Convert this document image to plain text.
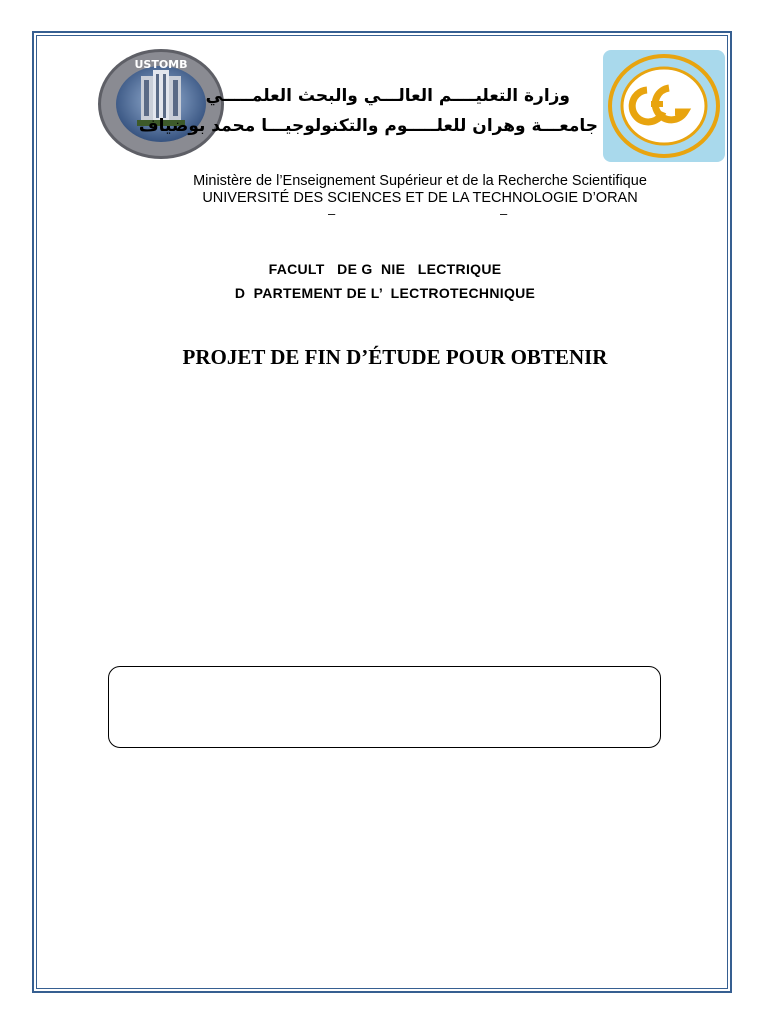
USTOMB
وزارة التعليــــم العالـــي والبحث العلمـــــي
جامعـــة وهران للعلـــــوم والتكنولوجيـــا محمد بوضياف
Ministère de l’Enseignement Supérieur et de la Recherche Scientifique
UNIVERSITÉ DES SCIENCES ET DE LA TECHNOLOGIE D’ORAN
–	–
FACULT   DE G  NIE   LECTRIQUE
D  PARTEMENT DE L’  LECTROTECHNIQUE
PROJET DE FIN D’ÉTUDE POUR OBTENIR
